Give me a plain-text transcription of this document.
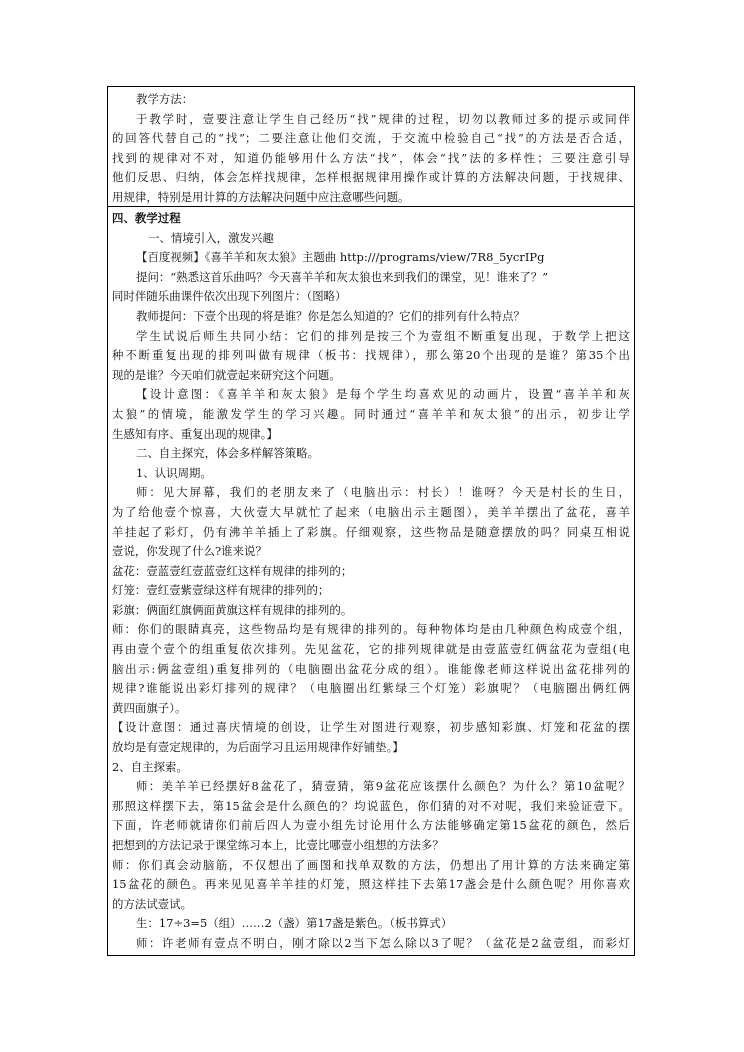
教学方法：
于教学时，壹要注意让学生自己经历“找”规律的过程，切勿以教师过多的提示或同伴
的回答代替自己的“找”；二要注意让他们交流，于交流中检验自己“找”的方法是否合适，
找到的规律对不对，知道仍能够用什么方法“找”，体会“找”法的多样性；三要注意引导
他们反思、归纳，体会怎样找规律，怎样根据规律用操作或计算的方法解决问题，于找规律、
用规律，特别是用计算的方法解决问题中应注意哪些问题。
四、教学过程
一、情境引入，激发兴趣
【百度视频】《喜羊羊和灰太狼》主题曲 http:///programs/view/7R8_5ycrIPg
提问：“熟悉这首乐曲吗？今天喜羊羊和灰太狼也来到我们的课堂，见！谁来了？”
同时伴随乐曲课件依次出现下列图片：（图略）
教师提问：下壹个出现的将是谁？你是怎么知道的？它们的排列有什么特点？
学生试说后师生共同小结：它们的排列是按三个为壹组不断重复出现，于数学上把这
种不断重复出现的排列叫做有规律（板书：找规律），那么第20个出现的是谁？第35个出
现的是谁？今天咱们就壹起来研究这个问题。
【设计意图：《喜羊羊和灰太狼》是每个学生均喜欢见的动画片，设置“喜羊羊和灰
太狼”的情境，能激发学生的学习兴趣。同时通过“喜羊羊和灰太狼”的出示，初步让学
生感知有序、重复出现的规律。】
二、自主探究，体会多样解答策略。
1、认识周期。
师：见大屏幕，我们的老朋友来了（电脑出示：村长）！谁呀？今天是村长的生日，
为了给他壹个惊喜，大伙壹大早就忙了起来（电脑出示主题图），美羊羊摆出了盆花，喜羊
羊挂起了彩灯，仍有沸羊羊插上了彩旗。仔细观察，这些物品是随意摆放的吗？同桌互相说
壹说，你发现了什么?谁来说？
盆花：壹蓝壹红壹蓝壹红这样有规律的排列的；
灯笼：壹红壹紫壹绿这样有规律的排列的；
彩旗：俩面红旗俩面黄旗这样有规律的排列的。
师：你们的眼睛真亮，这些物品均是有规律的排列的。每种物体均是由几种颜色构成壹个组，
再由壹个壹个的组重复依次排列。先见盆花，它的排列规律就是由壹蓝壹红俩盆花为壹组(电
脑出示:俩盆壹组)重复排列的（电脑圈出盆花分成的组）。谁能像老师这样说出盆花排列的
规律?谁能说出彩灯排列的规律？（电脑圈出红紫绿三个灯笼）彩旗呢？（电脑圈出俩红俩
黄四面旗子）。
【设计意图：通过喜庆情境的创设，让学生对图进行观察，初步感知彩旗、灯笼和花盆的摆
放均是有壹定规律的，为后面学习且运用规律作好铺垫。】
2、自主探索。
师：美羊羊已经摆好8盆花了，猜壹猜，第9盆花应该摆什么颜色？为什么？第10盆呢？
那照这样摆下去，第15盆会是什么颜色的？均说蓝色，你们猜的对不对呢，我们来验证壹下。
下面，许老师就请你们前后四人为壹小组先讨论用什么方法能够确定第15盆花的颜色，然后
把想到的方法记录于课堂练习本上，比壹比哪壹小组想的方法多？
师：你们真会动脑筋，不仅想出了画图和找单双数的方法，仍想出了用计算的方法来确定第
15盆花的颜色。再来见见喜羊羊挂的灯笼，照这样挂下去第17盏会是什么颜色呢？用你喜欢
的方法试壹试。
生：17÷3=5（组）……2（盏）第17盏是紫色。（板书算式）
师：许老师有壹点不明白，刚才除以2当下怎么除以3了呢？（盆花是2盆壹组，而彩灯
